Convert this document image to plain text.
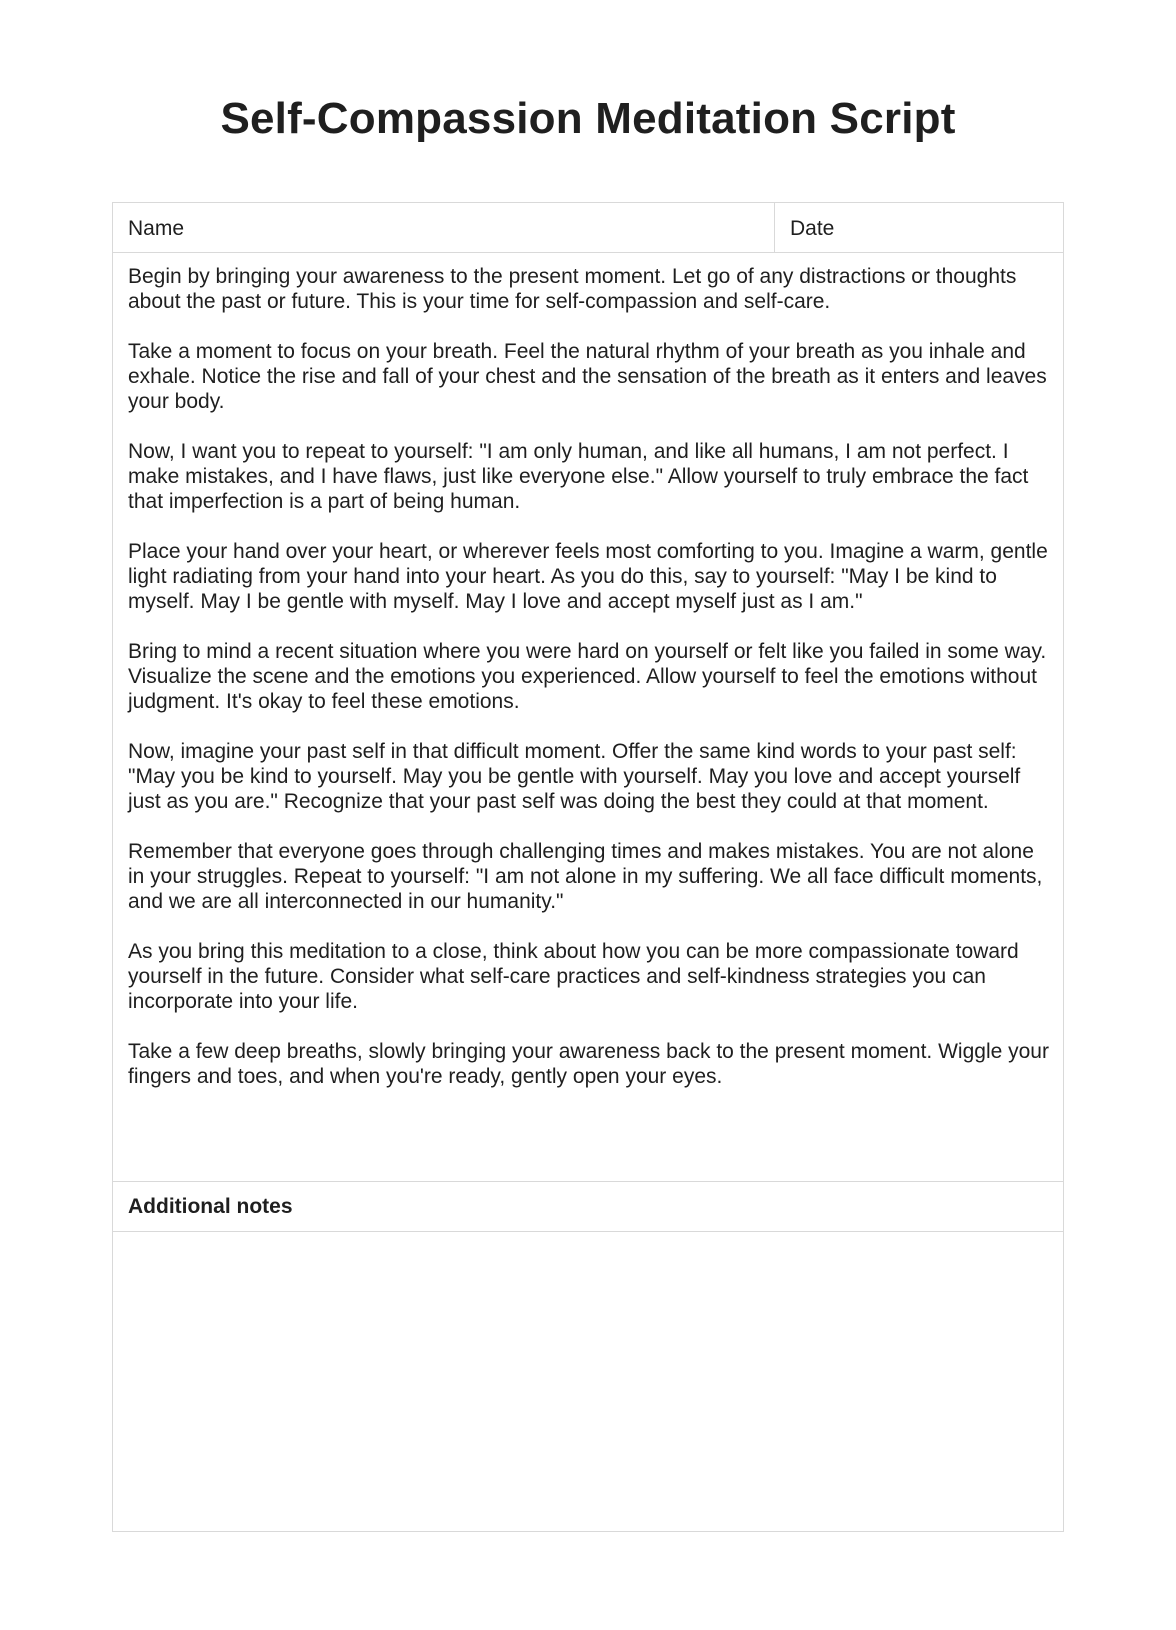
Self-Compassion Meditation Script
Name	Date

Begin by bringing your awareness to the present moment. Let go of any distractions or thoughts about the past or future. This is your time for self-compassion and self-care.

Take a moment to focus on your breath. Feel the natural rhythm of your breath as you inhale and exhale. Notice the rise and fall of your chest and the sensation of the breath as it enters and leaves your body.

Now, I want you to repeat to yourself: "I am only human, and like all humans, I am not perfect. I make mistakes, and I have flaws, just like everyone else." Allow yourself to truly embrace the fact that imperfection is a part of being human.

Place your hand over your heart, or wherever feels most comforting to you. Imagine a warm, gentle light radiating from your hand into your heart. As you do this, say to yourself: "May I be kind to myself. May I be gentle with myself. May I love and accept myself just as I am."

Bring to mind a recent situation where you were hard on yourself or felt like you failed in some way. Visualize the scene and the emotions you experienced. Allow yourself to feel the emotions without judgment. It's okay to feel these emotions.

Now, imagine your past self in that difficult moment. Offer the same kind words to your past self: "May you be kind to yourself. May you be gentle with yourself. May you love and accept yourself just as you are." Recognize that your past self was doing the best they could at that moment.

Remember that everyone goes through challenging times and makes mistakes. You are not alone in your struggles. Repeat to yourself: "I am not alone in my suffering. We all face difficult moments, and we are all interconnected in our humanity."

As you bring this meditation to a close, think about how you can be more compassionate toward yourself in the future. Consider what self-care practices and self-kindness strategies you can incorporate into your life.

Take a few deep breaths, slowly bringing your awareness back to the present moment. Wiggle your fingers and toes, and when you're ready, gently open your eyes.

Additional notes
